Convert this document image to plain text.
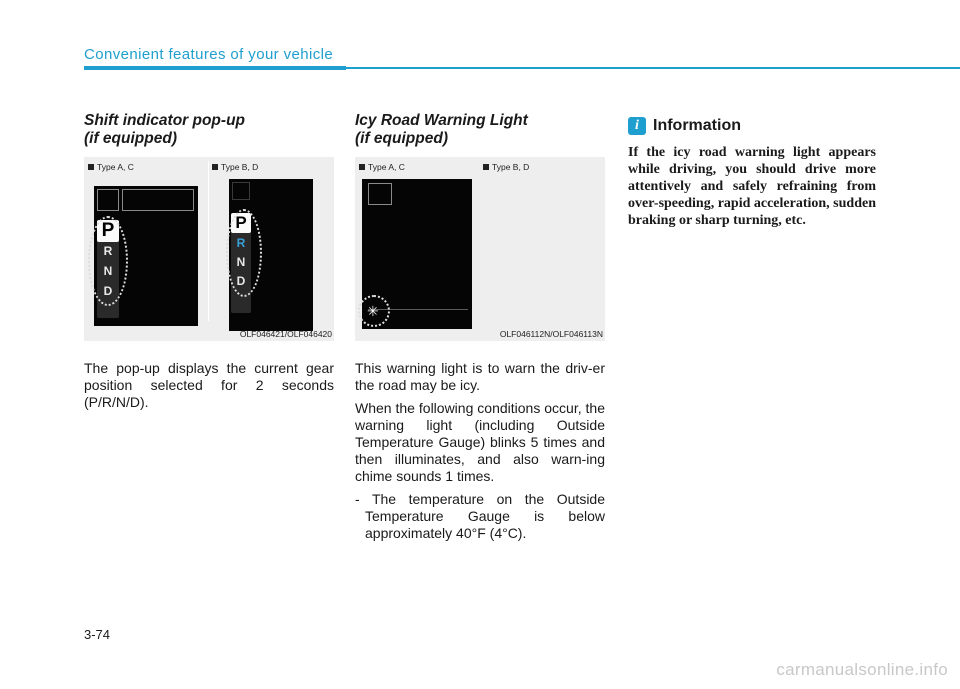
Convenient features of your vehicle
Shift indicator pop-up
(if equipped)
Type A, C	Type B, D
P
R
N
D
P
R
N
D
OLF046421/OLF046420

The pop-up displays the current gear position selected for 2 seconds (P/R/N/D).

Icy Road Warning Light
(if equipped)
Type A, C	Type B, D
✳
OLF046112N/OLF046113N

This warning light is to warn the driv-er the road may be icy.

When the following conditions occur, the warning light (including Outside Temperature Gauge) blinks 5 times and then illuminates, and also warn-ing chime sounds 1 times.

- The temperature on the Outside Temperature Gauge is below approximately 40°F (4°C).

i Information
If the icy road warning light appears while driving, you should drive more attentively and safely refraining from over-speeding, rapid acceleration, sudden braking or sharp turning, etc.
3-74
carmanualsonline.info
